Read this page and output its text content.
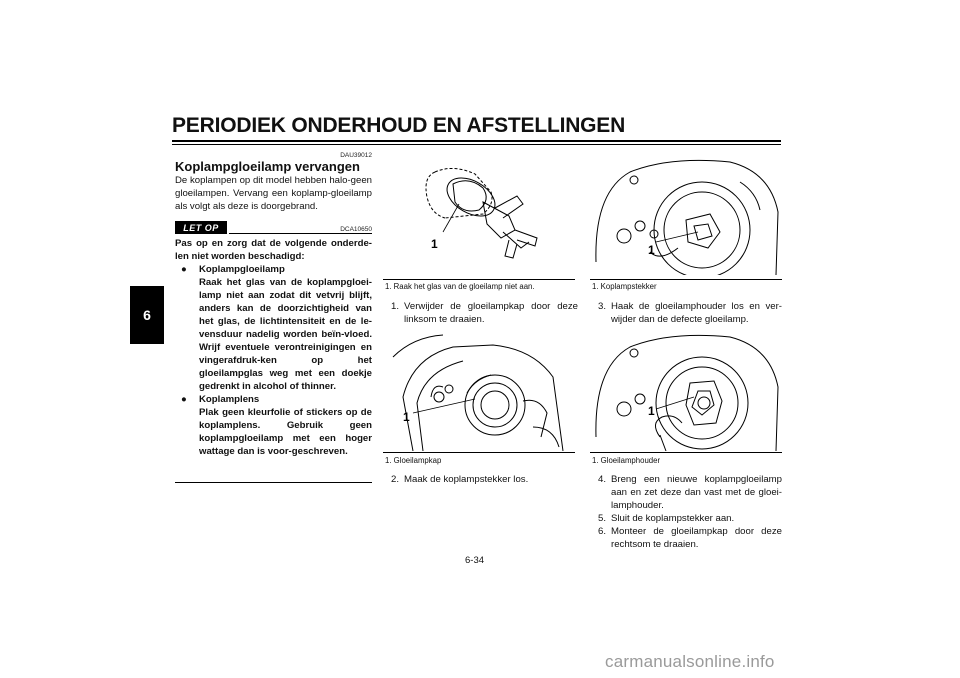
PERIODIEK ONDERHOUD EN AFSTELLINGEN
6
DAU39012
Koplampgloeilamp vervangen
De koplampen op dit model hebben halo-geen gloeilampen. Vervang een koplamp-gloeilamp als volgt als deze is doorgebrand.
LET OP	DCA10650

Pas op en zorg dat de volgende onderde-len niet worden beschadigd:

●	Koplampgloeilamp
Raak het glas van de koplampgloei-lamp niet aan zodat dit vetvrij blijft, anders kan de doorzichtigheid van het glas, de lichtintensiteit en de le-vensduur nadelig worden beïn-vloed. Wrijf eventuele verontreinigingen en vingerafdruk-ken op het gloeilampglas weg met een doekje gedrenkt in alcohol of thinner.
●	Koplamplens
Plak geen kleurfolie of stickers op de koplamplens. Gebruik geen koplampgloeilamp met een hoger wattage dan is voor-geschreven.
1
1. Raak het glas van de gloeilamp niet aan.
1. Verwijder de gloeilampkap door deze linksom te draaien.
1
1. Gloeilampkap
2. Maak de koplampstekker los.
1
1. Koplampstekker
3. Haak de gloeilamphouder los en ver-wijder dan de defecte gloeilamp.
1
1. Gloeilamphouder
4. Breng een nieuwe koplampgloeilamp aan en zet deze dan vast met de gloei-lamphouder.
5. Sluit de koplampstekker aan.
6. Monteer de gloeilampkap door deze rechtsom te draaien.
6-34
carmanualsonline.info
